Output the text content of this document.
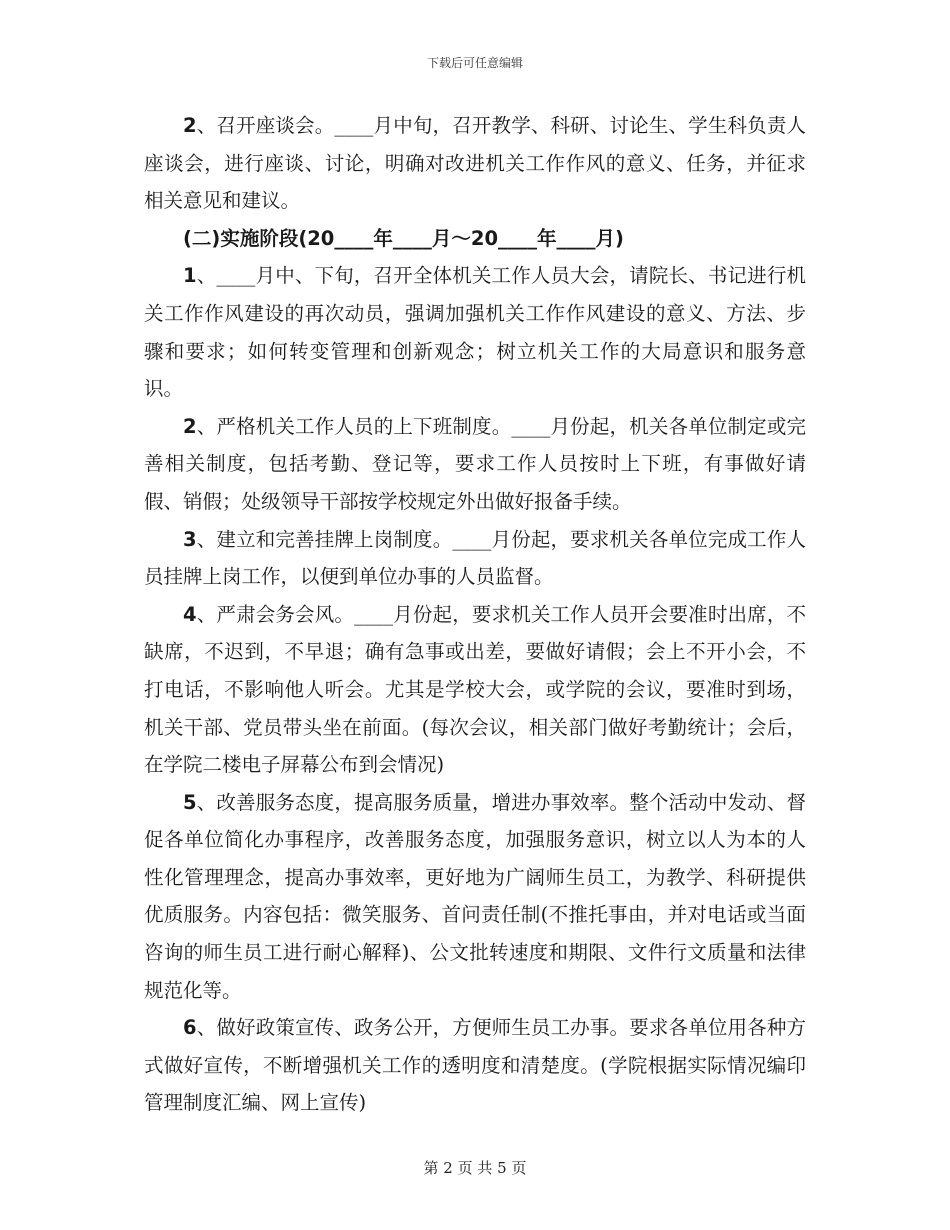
下载后可任意编辑

2、召开座谈会。____月中旬，召开教学、科研、讨论生、学生科负责人座谈会，进行座谈、讨论，明确对改进机关工作作风的意义、任务，并征求相关意见和建议。

(二)实施阶段(20____年____月～20____年____月)

1、____月中、下旬，召开全体机关工作人员大会，请院长、书记进行机关工作作风建设的再次动员，强调加强机关工作作风建设的意义、方法、步骤和要求；如何转变管理和创新观念；树立机关工作的大局意识和服务意识。

2、严格机关工作人员的上下班制度。____月份起，机关各单位制定或完善相关制度，包括考勤、登记等，要求工作人员按时上下班，有事做好请假、销假；处级领导干部按学校规定外出做好报备手续。

3、建立和完善挂牌上岗制度。____月份起，要求机关各单位完成工作人员挂牌上岗工作，以便到单位办事的人员监督。

4、严肃会务会风。____月份起，要求机关工作人员开会要准时出席，不缺席，不迟到，不早退；确有急事或出差，要做好请假；会上不开小会，不打电话，不影响他人听会。尤其是学校大会，或学院的会议，要准时到场，机关干部、党员带头坐在前面。(每次会议，相关部门做好考勤统计；会后，在学院二楼电子屏幕公布到会情况)

5、改善服务态度，提高服务质量，增进办事效率。整个活动中发动、督促各单位简化办事程序，改善服务态度，加强服务意识，树立以人为本的人性化管理理念，提高办事效率，更好地为广阔师生员工，为教学、科研提供优质服务。内容包括：微笑服务、首问责任制(不推托事由，并对电话或当面咨询的师生员工进行耐心解释)、公文批转速度和期限、文件行文质量和法律规范化等。

6、做好政策宣传、政务公开，方便师生员工办事。要求各单位用各种方式做好宣传，不断增强机关工作的透明度和清楚度。(学院根据实际情况编印管理制度汇编、网上宣传)

第 2 页 共 5 页
